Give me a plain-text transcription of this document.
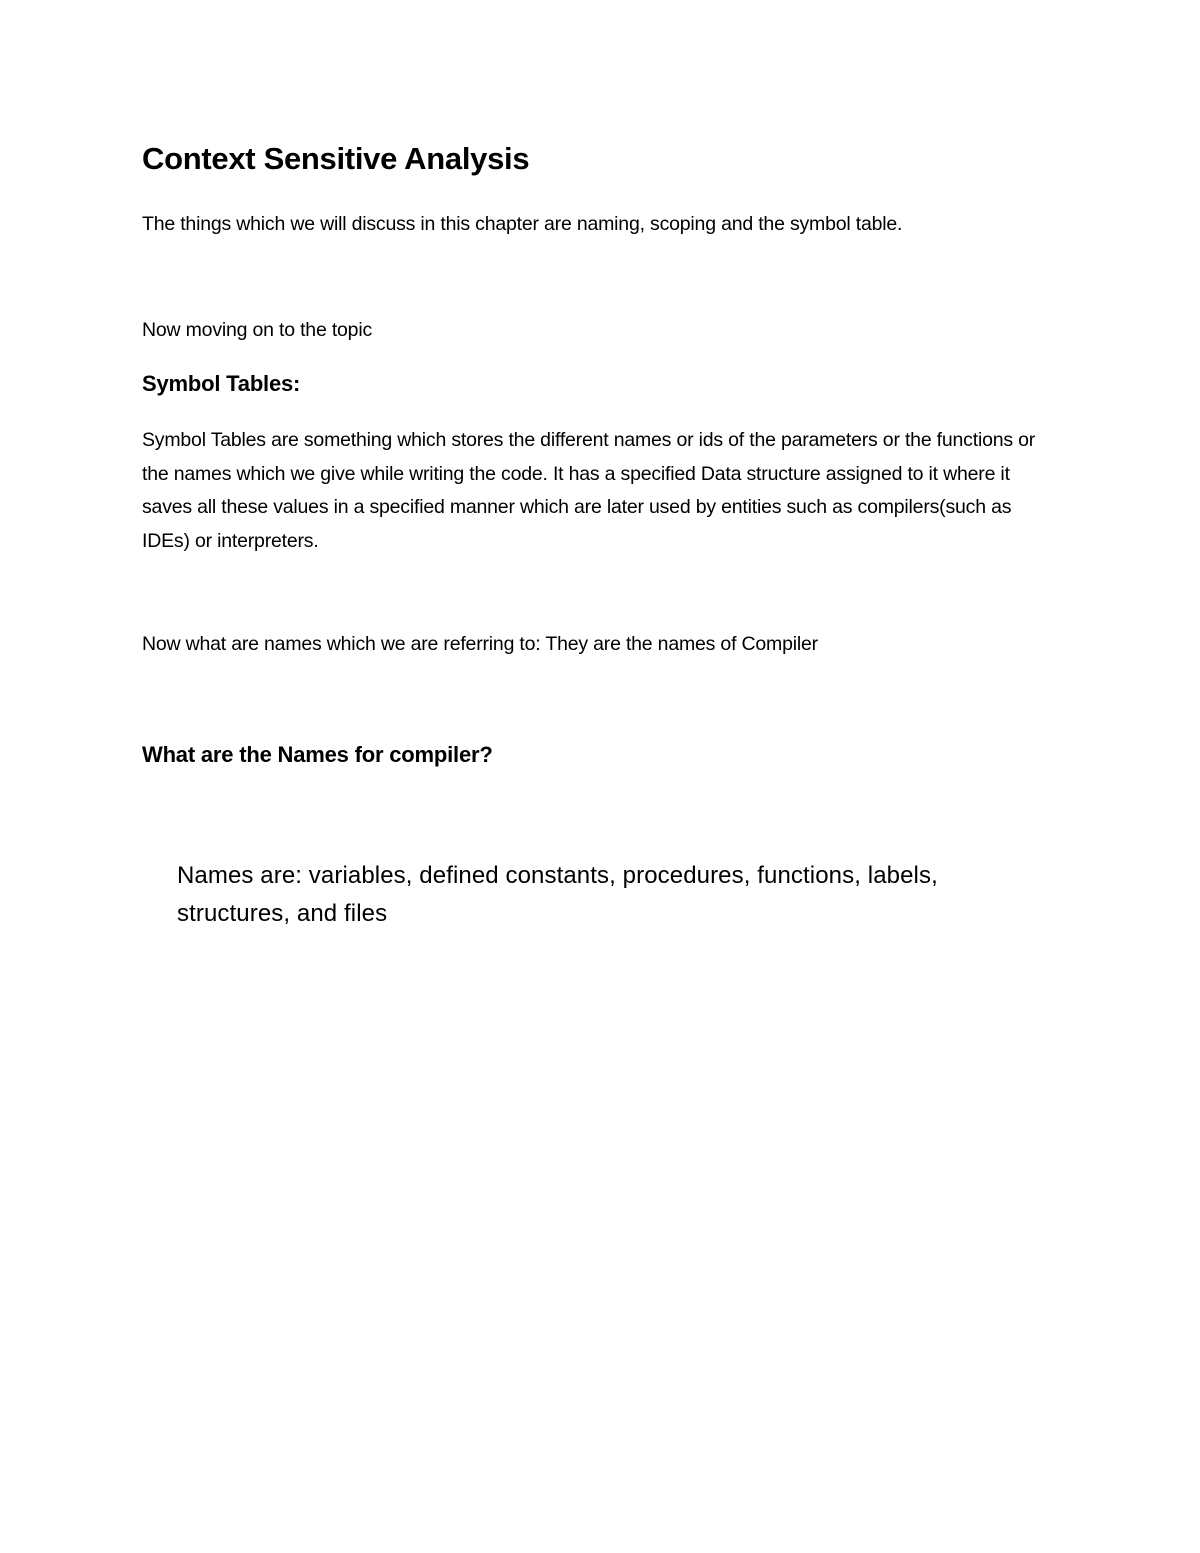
Context Sensitive Analysis

The things which we will discuss in this chapter are naming, scoping and the symbol table.

Now moving on to the topic

Symbol Tables:

Symbol Tables are something which stores the different names or ids of the parameters or the functions or the names which we give while writing the code. It has a specified Data structure assigned to it where it saves all these values in a specified manner which are later used by entities such as compilers(such as IDEs) or interpreters.

Now what are names which we are referring to: They are the names of Compiler

What are the Names for compiler?

Names are: variables, defined constants, procedures, functions, labels, structures, and files
